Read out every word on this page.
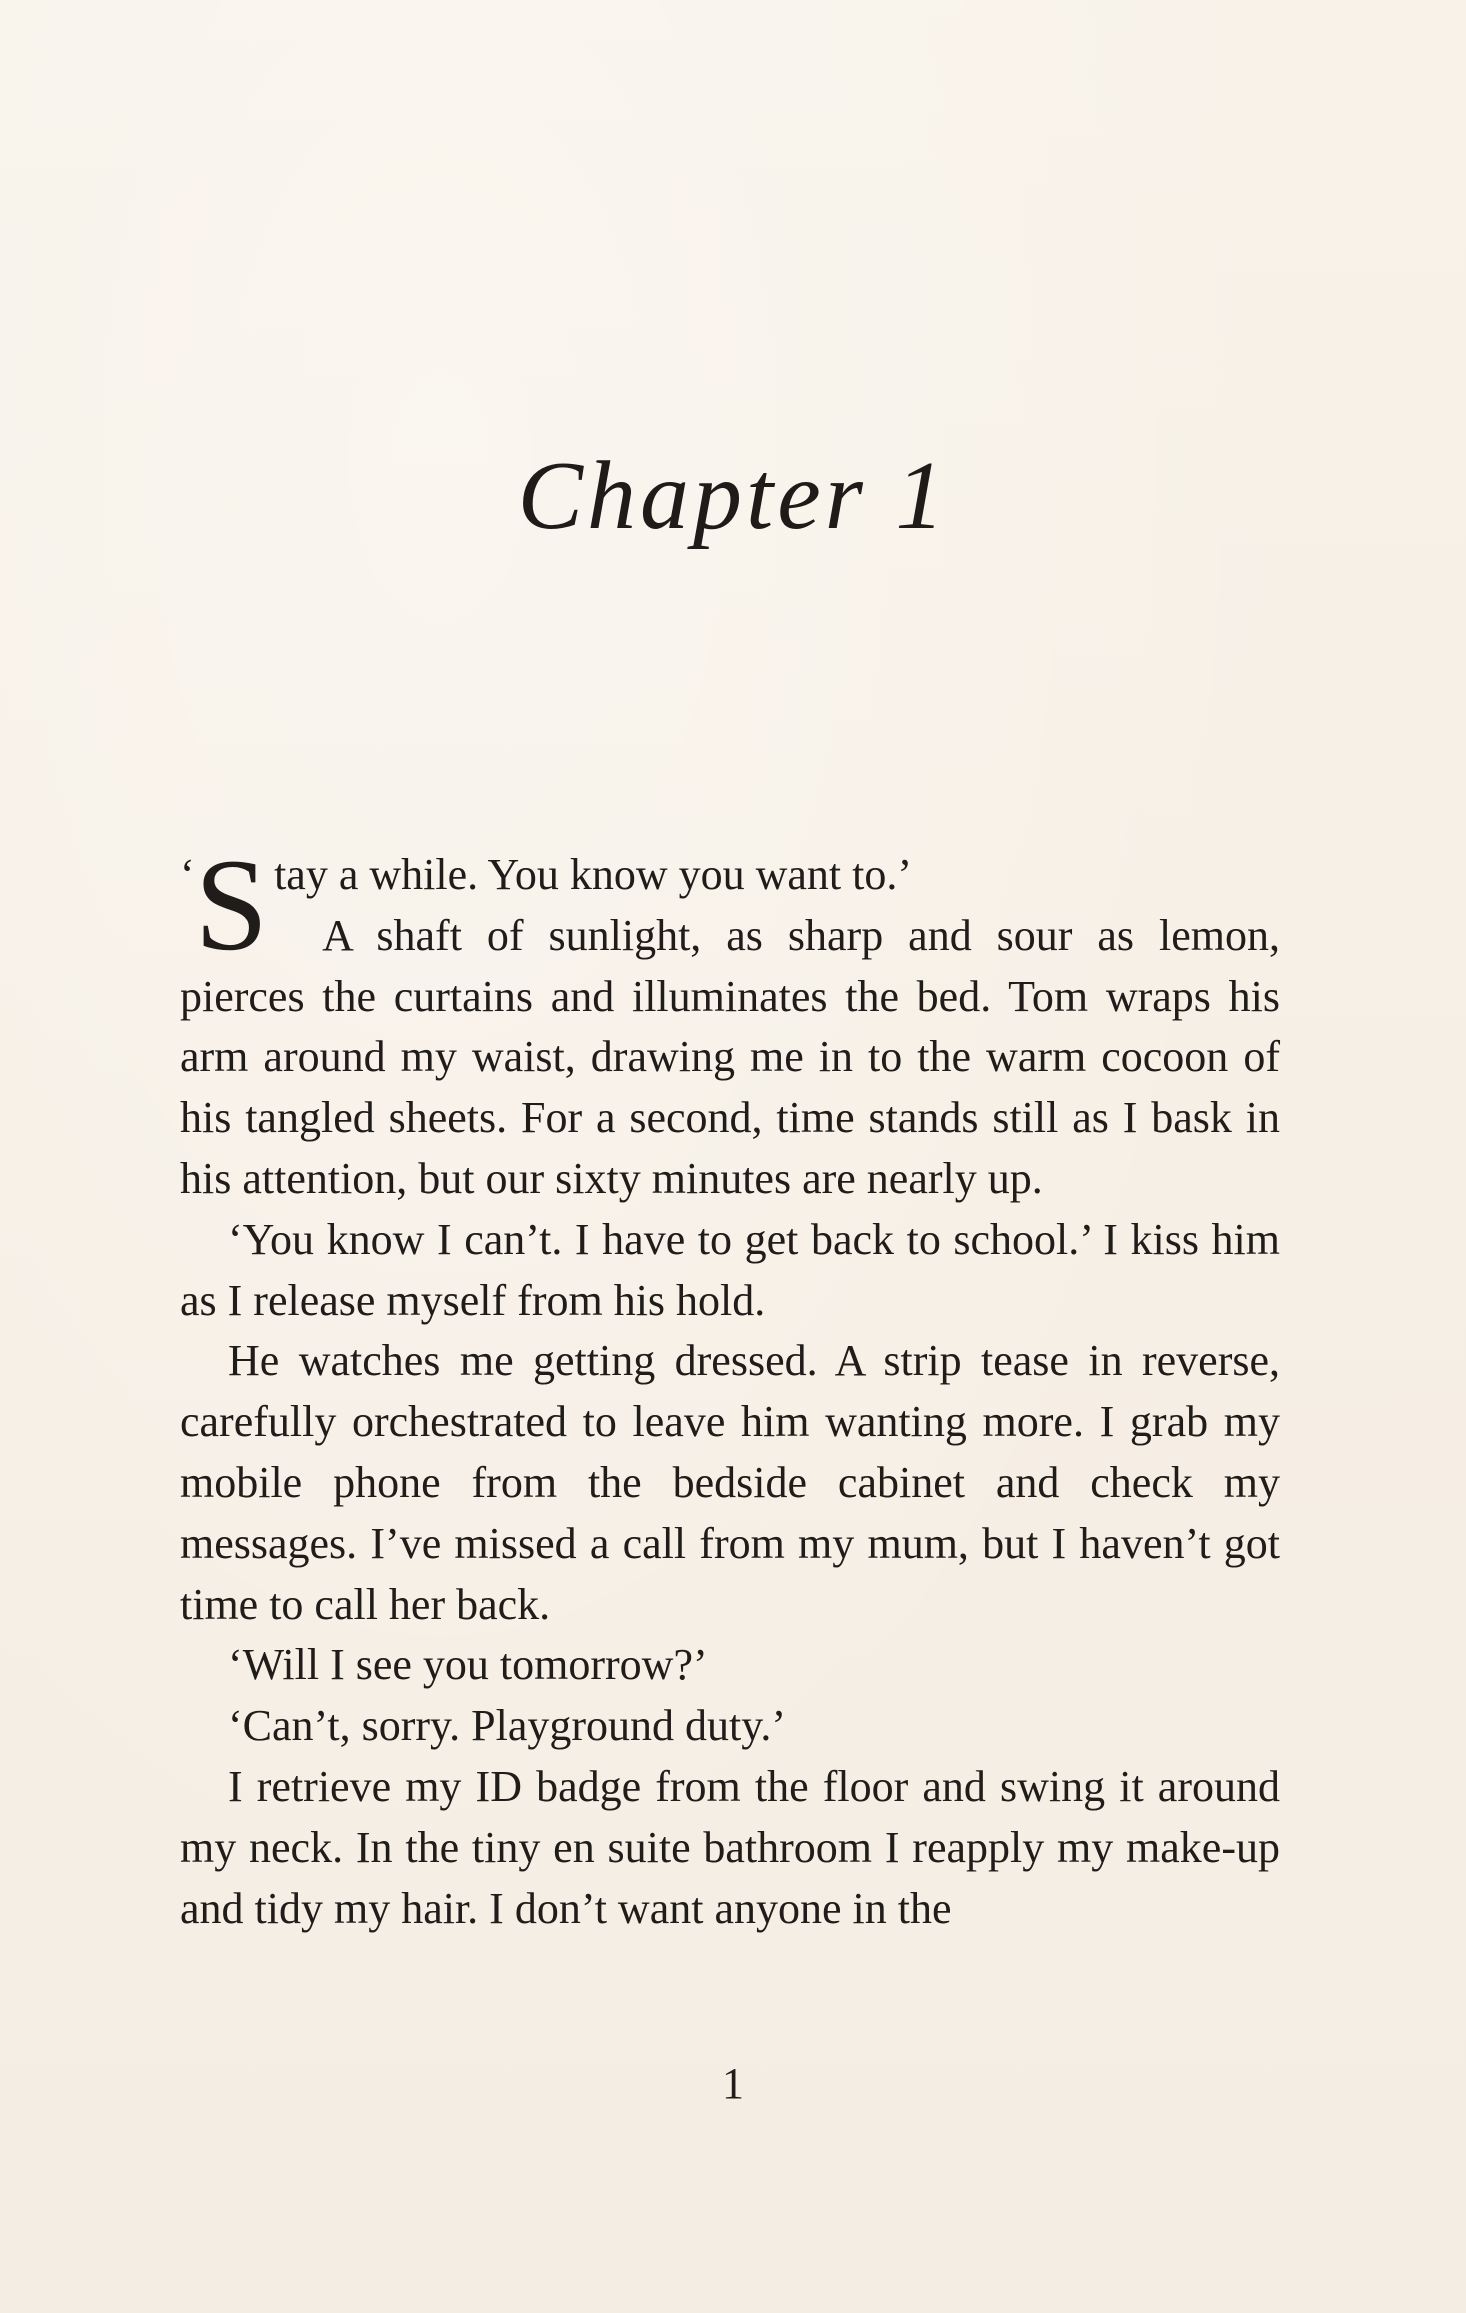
Chapter 1

‘ S tay a while. You know you want to.’

A shaft of sunlight, as sharp and sour as lemon, pierces the curtains and illuminates the bed. Tom wraps his arm around my waist, drawing me in to the warm cocoon of his tangled sheets. For a second, time stands still as I bask in his attention, but our sixty minutes are nearly up.

‘You know I can’t. I have to get back to school.’ I kiss him as I release myself from his hold.

He watches me getting dressed. A strip tease in reverse, carefully orchestrated to leave him wanting more. I grab my mobile phone from the bedside cabinet and check my messages. I’ve missed a call from my mum, but I haven’t got time to call her back.

‘Will I see you tomorrow?’

‘Can’t, sorry. Playground duty.’

I retrieve my ID badge from the floor and swing it around my neck. In the tiny en suite bathroom I reapply my make-up and tidy my hair. I don’t want anyone in the

1
